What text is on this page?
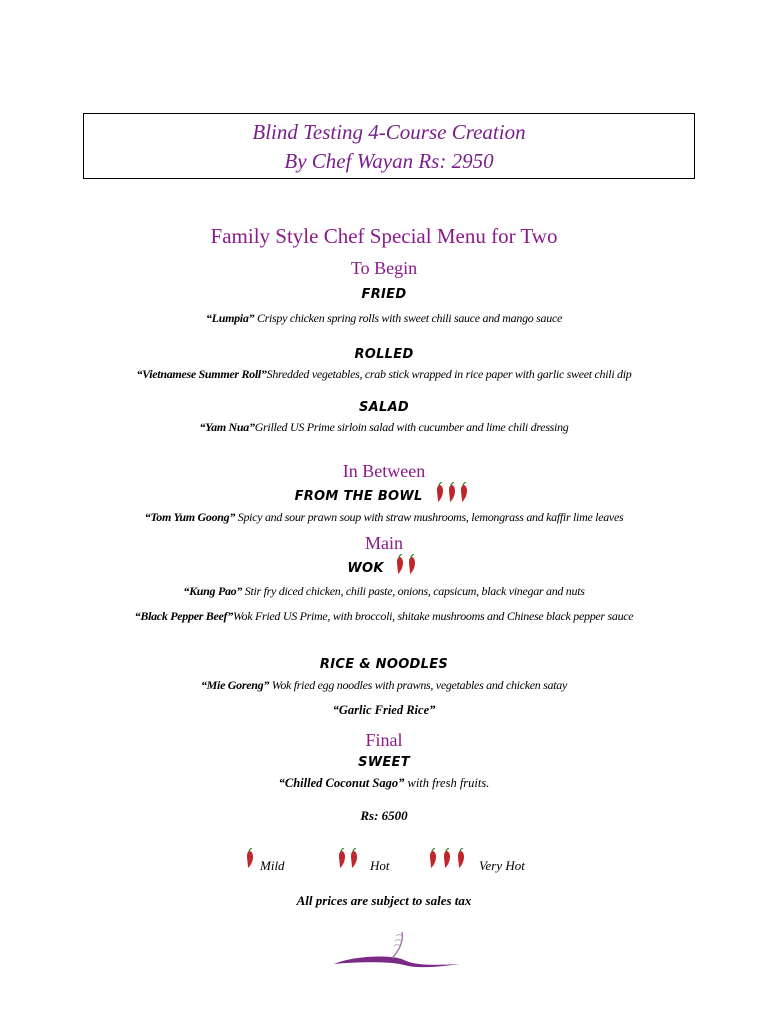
Blind Testing 4-Course Creation
By Chef Wayan Rs: 2950
Family Style Chef Special Menu for Two
To Begin
FRIED
“Lumpia” Crispy chicken spring rolls with sweet chili sauce and mango sauce
ROLLED
“Vietnamese Summer Roll”Shredded vegetables, crab stick wrapped in rice paper with garlic sweet chili dip
SALAD
“Yam Nua”Grilled US Prime sirloin salad with cucumber and lime chili dressing
In Between
FROM THE BOWL
“Tom Yum Goong” Spicy and sour prawn soup with straw mushrooms, lemongrass and kaffir lime leaves
Main
WOK
“Kung Pao” Stir fry diced chicken, chili paste, onions, capsicum, black vinegar and nuts
“Black Pepper Beef”Wok Fried US Prime, with broccoli, shitake mushrooms and Chinese black pepper sauce
RICE & NOODLES
“Mie Goreng” Wok fried egg noodles with prawns, vegetables and chicken satay
“Garlic Fried Rice”
Final
SWEET
“Chilled Coconut Sago” with fresh fruits.
Rs: 6500
Mild	Hot	Very Hot
All prices are subject to sales tax
